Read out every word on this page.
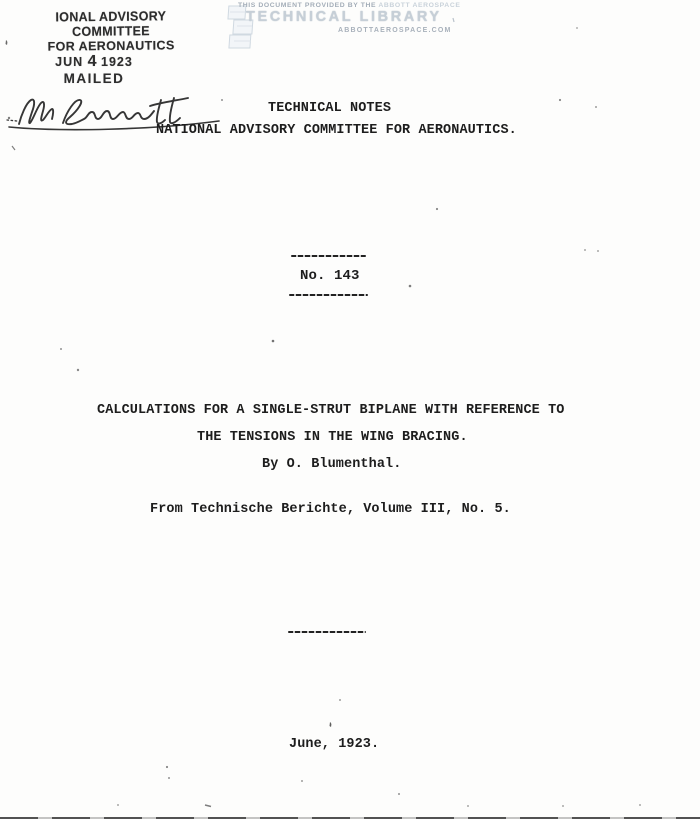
IONAL ADVISORY COMMITTEE
FOR AERONAUTICS
JUN 4 1923
MAILED
THIS DOCUMENT PROVIDED BY THE ABBOTT AEROSPACE
TECHNICAL LIBRARY
ABBOTTAEROSPACE.COM
TECHNICAL NOTES
NATIONAL ADVISORY COMMITTEE FOR AERONAUTICS.
No. 143
CALCULATIONS FOR A SINGLE-STRUT BIPLANE WITH REFERENCE TO
THE TENSIONS IN THE WING BRACING.
By O. Blumenthal.
From Technische Berichte, Volume III, No. 5.
June, 1923.
